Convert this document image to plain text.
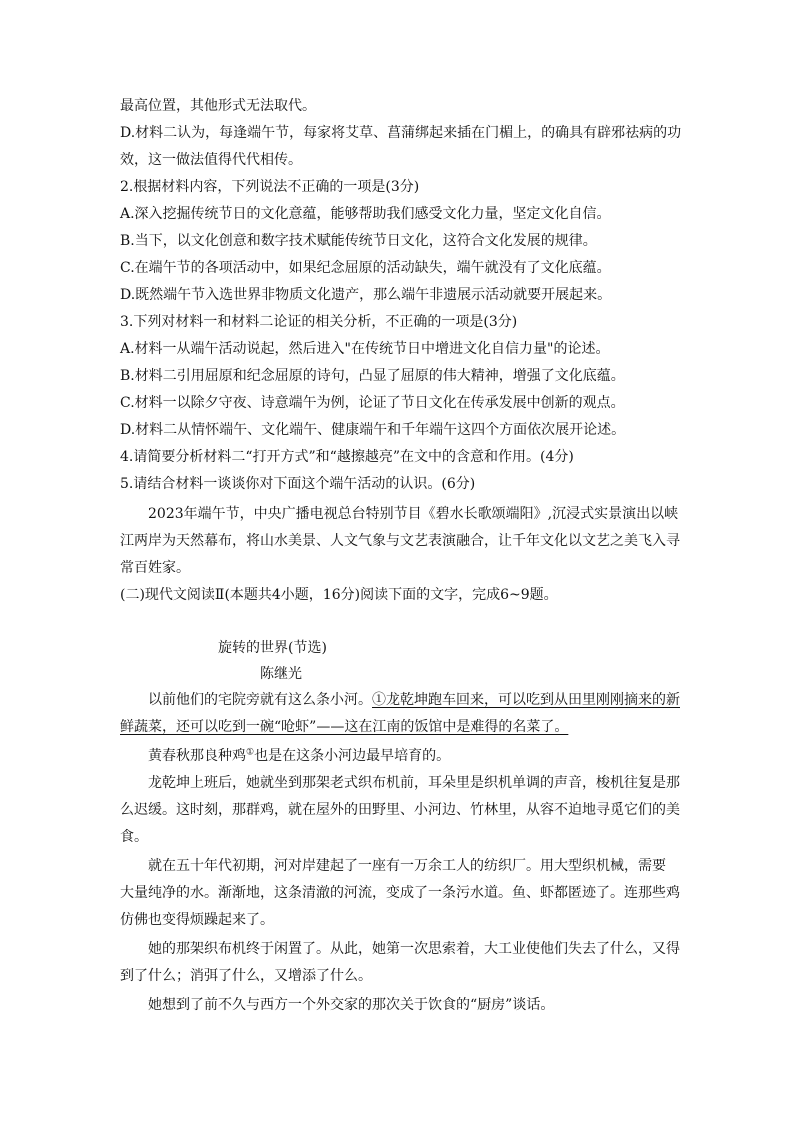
最高位置，其他形式无法取代。
D.材料二认为，每逢端午节，每家将艾草、菖蒲绑起来插在门楣上，的确具有辟邪祛病的功
效，这一做法值得代代相传。
2.根据材料内容，下列说法不正确的一项是(3分)
A.深入挖掘传统节日的文化意蕴，能够帮助我们感受文化力量，坚定文化自信。
B.当下，以文化创意和数字技术赋能传统节日文化，这符合文化发展的规律。
C.在端午节的各项活动中，如果纪念屈原的活动缺失，端午就没有了文化底蕴。
D.既然端午节入选世界非物质文化遗产，那么端午非遗展示活动就要开展起来。
3.下列对材料一和材料二论证的相关分析，不正确的一项是(3分)
A.材料一从端午活动说起，然后进入"在传统节日中增进文化自信力量"的论述。
B.材料二引用屈原和纪念屈原的诗句，凸显了屈原的伟大精神，增强了文化底蕴。
C.材料一以除夕守夜、诗意端午为例，论证了节日文化在传承发展中创新的观点。
D.材料二从情怀端午、文化端午、健康端午和千年端午这四个方面依次展开论述。
4.请简要分析材料二“打开方式”和“越擦越亮”在文中的含意和作用。(4分)
5.请结合材料一谈谈你对下面这个端午活动的认识。(6分)
2023年端午节，中央广播电视总台特别节目《碧水长歌颂端阳》,沉浸式实景演出以峡
江两岸为天然幕布，将山水美景、人文气象与文艺表演融合，让千年文化以文艺之美飞入寻
常百姓家。
(二)现代文阅读Ⅱ(本题共4小题，16分)阅读下面的文字，完成6~9题。
旋转的世界(节选)
陈继光
以前他们的宅院旁就有这么条小河。①龙乾坤跑车回来，可以吃到从田里刚刚摘来的新
鲜蔬菜，还可以吃到一碗“呛虾”——这在江南的饭馆中是难得的名菜了。
黄春秋那良种鸡①也是在这条小河边最早培育的。
龙乾坤上班后，她就坐到那架老式织布机前，耳朵里是织机单调的声音，梭机往复是那
么迟缓。这时刻，那群鸡，就在屋外的田野里、小河边、竹林里，从容不迫地寻觅它们的美
食。
就在五十年代初期，河对岸建起了一座有一万余工人的纺织厂。用大型织机械，需要
大量纯净的水。渐渐地，这条清澈的河流，变成了一条污水道。鱼、虾都匿迹了。连那些鸡
仿佛也变得烦躁起来了。
她的那架织布机终于闲置了。从此，她第一次思索着，大工业使他们失去了什么，又得
到了什么；消弭了什么，又增添了什么。
她想到了前不久与西方一个外交家的那次关于饮食的“厨房”谈话。
